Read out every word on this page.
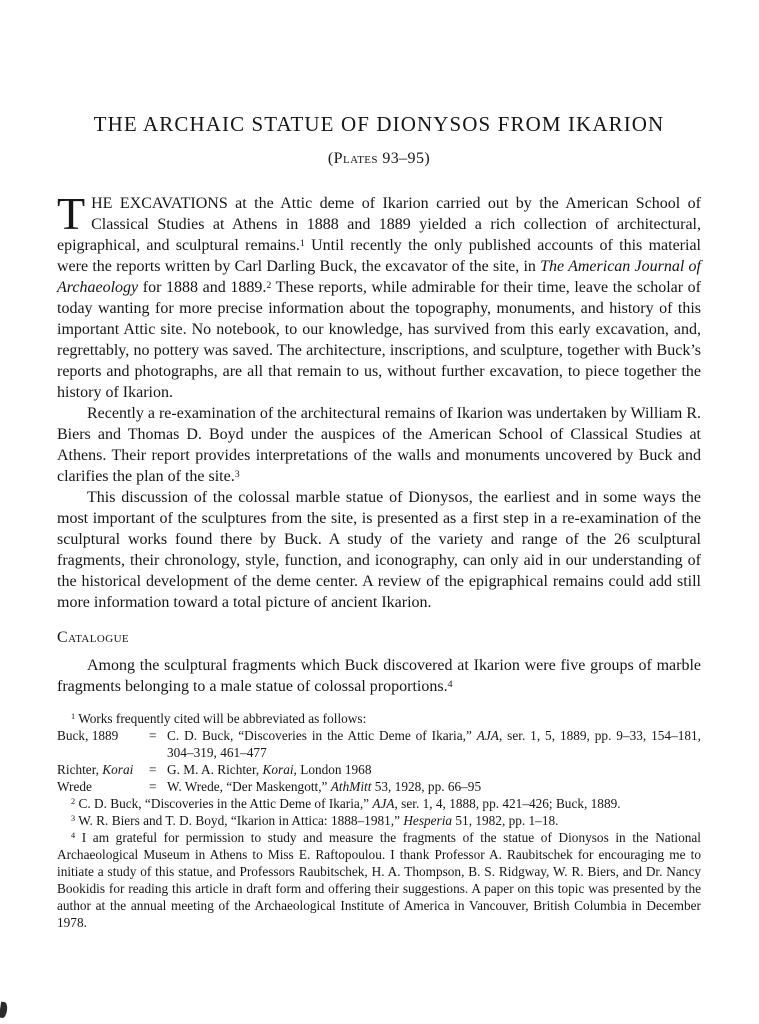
THE ARCHAIC STATUE OF DIONYSOS FROM IKARION
(Plates 93–95)

THE EXCAVATIONS at the Attic deme of Ikarion carried out by the American School of Classical Studies at Athens in 1888 and 1889 yielded a rich collection of architectural, epigraphical, and sculptural remains.$^1$ Until recently the only published accounts of this material were the reports written by Carl Darling Buck, the excavator of the site, in The American Journal of Archaeology for 1888 and 1889.$^2$ These reports, while admirable for their time, leave the scholar of today wanting for more precise information about the topography, monuments, and history of this important Attic site. No notebook, to our knowledge, has survived from this early excavation, and, regrettably, no pottery was saved. The architecture, inscriptions, and sculpture, together with Buck’s reports and photographs, are all that remain to us, without further excavation, to piece together the history of Ikarion.

Recently a re-examination of the architectural remains of Ikarion was undertaken by William R. Biers and Thomas D. Boyd under the auspices of the American School of Classical Studies at Athens. Their report provides interpretations of the walls and monuments uncovered by Buck and clarifies the plan of the site.$^3$

This discussion of the colossal marble statue of Dionysos, the earliest and in some ways the most important of the sculptures from the site, is presented as a first step in a re-examination of the sculptural works found there by Buck. A study of the variety and range of the 26 sculptural fragments, their chronology, style, function, and iconography, can only aid in our understanding of the historical development of the deme center. A review of the epigraphical remains could add still more information toward a total picture of ancient Ikarion.

Catalogue

Among the sculptural fragments which Buck discovered at Ikarion were five groups of marble fragments belonging to a male statue of colossal proportions.$^4$

$^1$ Works frequently cited will be abbreviated as follows:

Buck, 1889	= C. D. Buck, “Discoveries in the Attic Deme of Ikaria,” AJA, ser. 1, 5, 1889, pp. 9–33, 154–181, 304–319, 461–477
Richter, Korai	= G. M. A. Richter, Korai, London 1968
Wrede	= W. Wrede, “Der Maskengott,” AthMitt 53, 1928, pp. 66–95

$^2$ C. D. Buck, “Discoveries in the Attic Deme of Ikaria,” AJA, ser. 1, 4, 1888, pp. 421–426; Buck, 1889.

$^3$ W. R. Biers and T. D. Boyd, “Ikarion in Attica: 1888–1981,” Hesperia 51, 1982, pp. 1–18.

$^4$ I am grateful for permission to study and measure the fragments of the statue of Dionysos in the National Archaeological Museum in Athens to Miss E. Raftopoulou. I thank Professor A. Raubitschek for encouraging me to initiate a study of this statue, and Professors Raubitschek, H. A. Thompson, B. S. Ridgway, W. R. Biers, and Dr. Nancy Bookidis for reading this article in draft form and offering their suggestions. A paper on this topic was presented by the author at the annual meeting of the Archaeological Institute of America in Vancouver, British Columbia in December 1978.
